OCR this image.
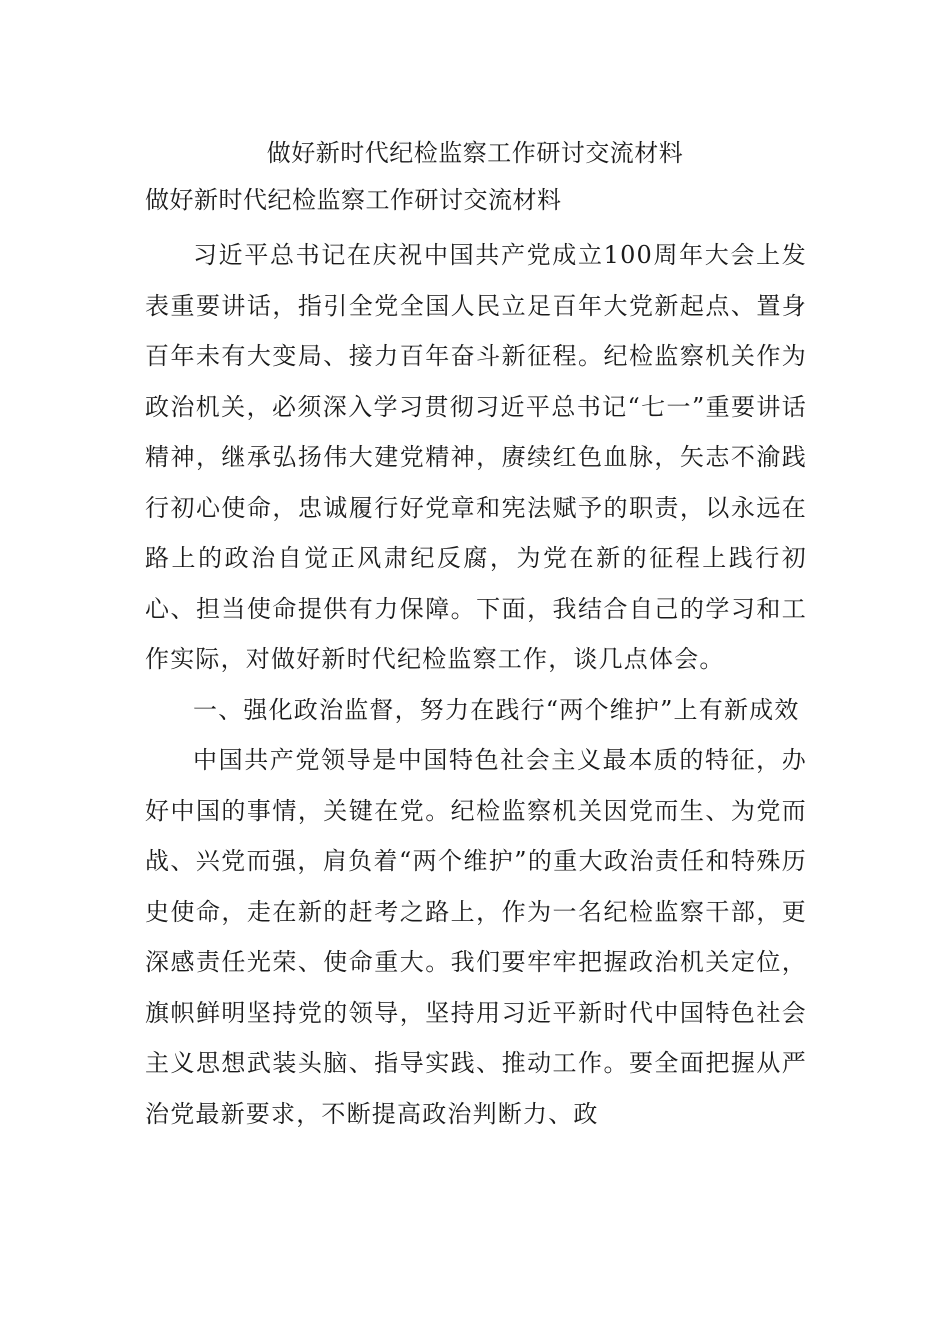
做好新时代纪检监察工作研讨交流材料

做好新时代纪检监察工作研讨交流材料

习近平总书记在庆祝中国共产党成立100周年大会上发表重要讲话，指引全党全国人民立足百年大党新起点、置身百年未有大变局、接力百年奋斗新征程。纪检监察机关作为政治机关，必须深入学习贯彻习近平总书记“七一”重要讲话精神，继承弘扬伟大建党精神，赓续红色血脉，矢志不渝践行初心使命，忠诚履行好党章和宪法赋予的职责，以永远在路上的政治自觉正风肃纪反腐，为党在新的征程上践行初心、担当使命提供有力保障。下面，我结合自己的学习和工作实际，对做好新时代纪检监察工作，谈几点体会。

一、强化政治监督，努力在践行“两个维护”上有新成效

中国共产党领导是中国特色社会主义最本质的特征，办好中国的事情，关键在党。纪检监察机关因党而生、为党而战、兴党而强，肩负着“两个维护”的重大政治责任和特殊历史使命，走在新的赶考之路上，作为一名纪检监察干部，更深感责任光荣、使命重大。我们要牢牢把握政治机关定位，旗帜鲜明坚持党的领导，坚持用习近平新时代中国特色社会主义思想武装头脑、指导实践、推动工作。要全面把握从严治党最新要求，不断提高政治判断力、政
